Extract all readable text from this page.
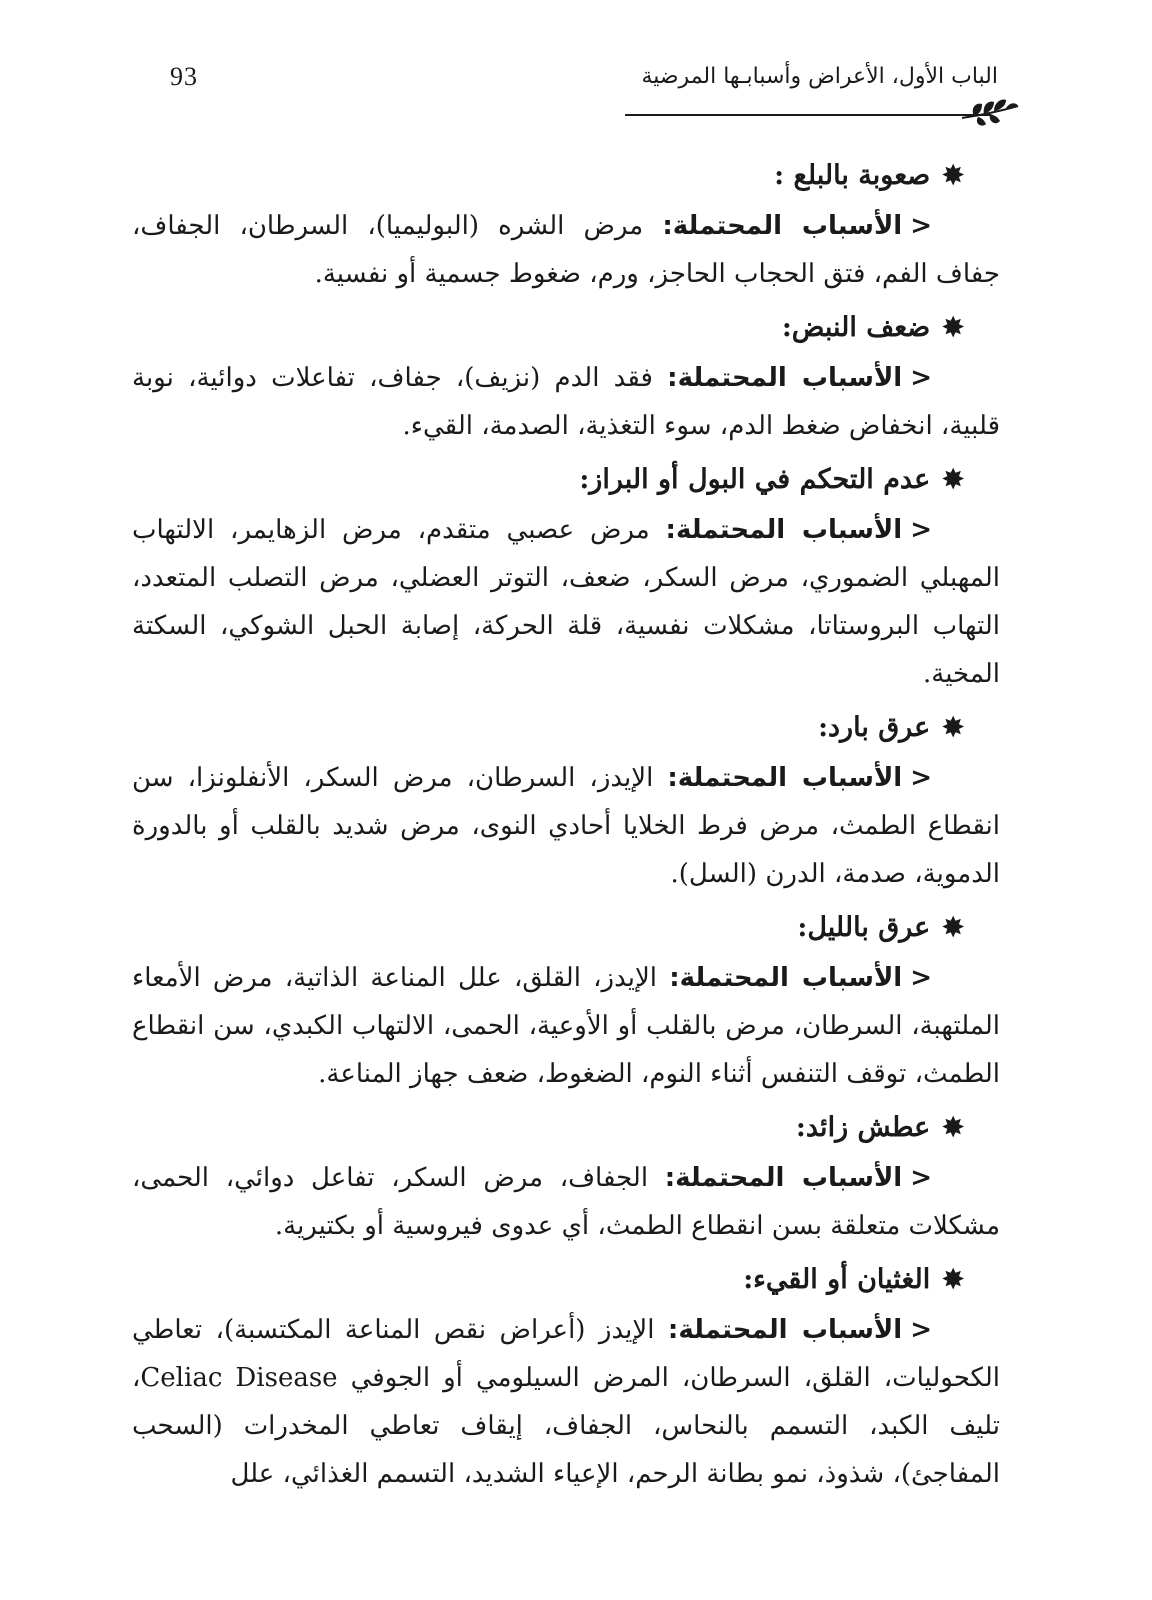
93	الباب الأول، الأعراض وأسبابـها المرضية
✸
صعوبة بالبلع :

<الأسباب المحتملة: مرض الشره (البوليميا)، السرطان، الجفاف، جفاف الفم، فتق الحجاب الحاجز، ورم، ضغوط جسمية أو نفسية.

✸
ضعف النبض:

<الأسباب المحتملة: فقد الدم (نزيف)، جفاف، تفاعلات دوائية، نوبة قلبية، انخفاض ضغط الدم، سوء التغذية، الصدمة، القيء.

✸
عدم التحكم في البول أو البراز:

<الأسباب المحتملة: مرض عصبي متقدم، مرض الزهايمر، الالتهاب المهبلي الضموري، مرض السكر، ضعف، التوتر العضلي، مرض التصلب المتعدد، التهاب البروستاتا، مشكلات نفسية، قلة الحركة، إصابة الحبل الشوكي، السكتة المخية.

✸
عرق بارد:

<الأسباب المحتملة: الإيدز، السرطان، مرض السكر، الأنفلونزا، سن انقطاع الطمث، مرض فرط الخلايا أحادي النوى، مرض شديد بالقلب أو بالدورة الدموية، صدمة، الدرن (السل).

✸
عرق بالليل:

<الأسباب المحتملة: الإيدز، القلق، علل المناعة الذاتية، مرض الأمعاء الملتهبة، السرطان، مرض بالقلب أو الأوعية، الحمى، الالتهاب الكبدي، سن انقطاع الطمث، توقف التنفس أثناء النوم، الضغوط، ضعف جهاز المناعة.

✸
عطش زائد:

<الأسباب المحتملة: الجفاف، مرض السكر، تفاعل دوائي، الحمى، مشكلات متعلقة بسن انقطاع الطمث، أي عدوى فيروسية أو بكتيرية.

✸
الغثيان أو القيء:

<الأسباب المحتملة: الإيدز (أعراض نقص المناعة المكتسبة)، تعاطي الكحوليات، القلق، السرطان، المرض السيلومي أو الجوفي Celiac Disease، تليف الكبد، التسمم بالنحاس، الجفاف، إيقاف تعاطي المخدرات (السحب المفاجئ)، شذوذ، نمو بطانة الرحم، الإعياء الشديد، التسمم الغذائي، علل
